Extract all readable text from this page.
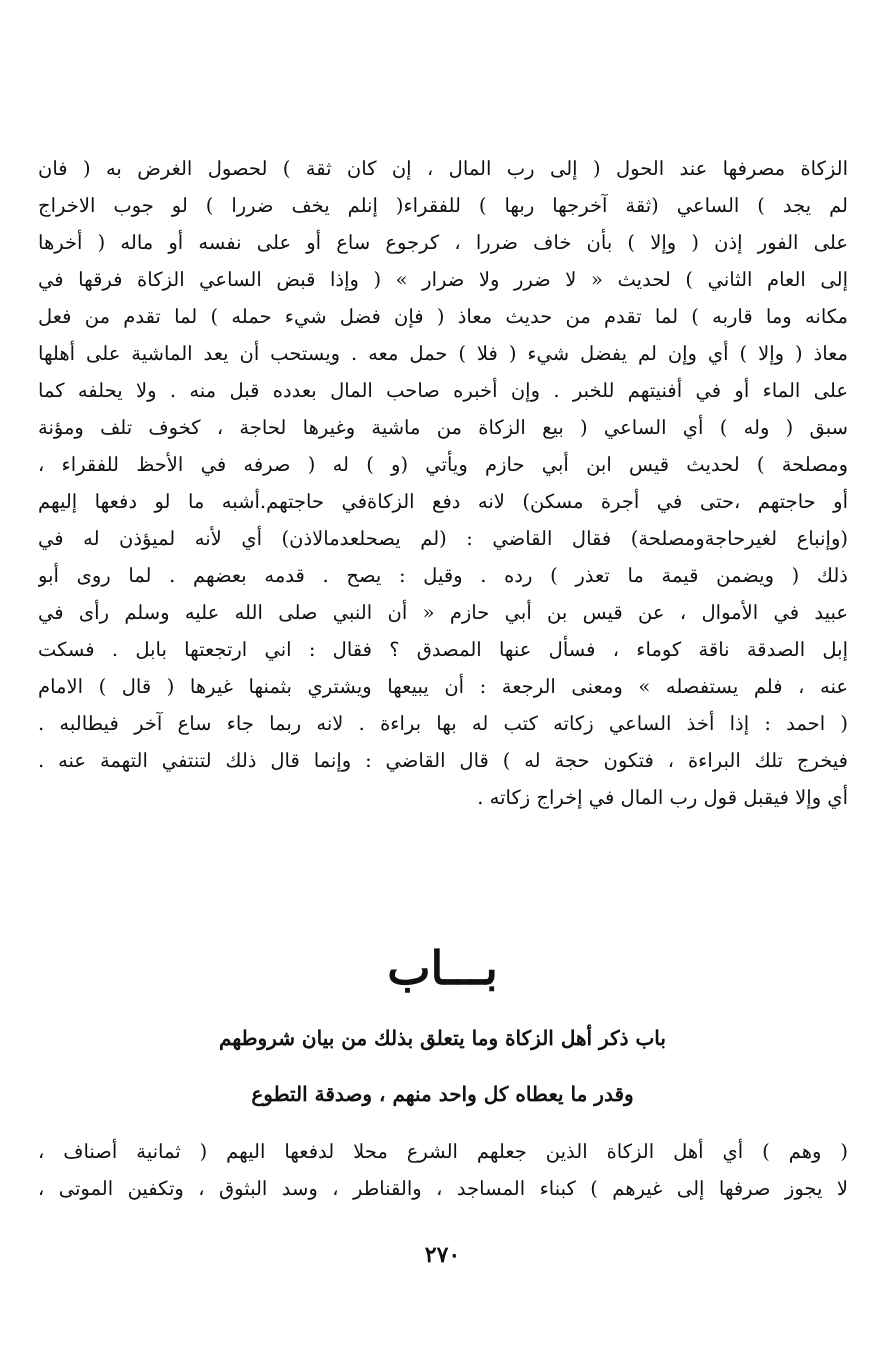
الزكاة مصرفها عند الحول ( إلى رب المال ، إن كان ثقة ) لحصول الغرض به ( فان
لم يجد ) الساعي (ثقة آخرجها ربها ) للفقراء( إنلم يخف ضررا ) لو جوب الاخراج
على الفور إذن ( وإلا ) بأن خاف ضررا ، كرجوع ساع أو على نفسه أو ماله ( أخرها
إلى العام الثاني ) لحديث « لا ضرر ولا ضرار » ( وإذا قبض الساعي الزكاة فرقها في
مكانه وما قاربه ) لما تقدم من حديث معاذ ( فإن فضل شيء حمله ) لما تقدم من فعل
معاذ ( وإلا ) أي وإن لم يفضل شيء ( فلا ) حمل معه . ويستحب أن يعد الماشية على أهلها
على الماء أو في أفنيتهم للخبر . وإن أخبره صاحب المال بعدده قبل منه . ولا يحلفه كما
سبق ( وله ) أي الساعي ( بيع الزكاة من ماشية وغيرها لحاجة ، كخوف تلف ومؤنة
ومصلحة ) لحديث قيس ابن أبي حازم ويأتي (و ) له ( صرفه في الأحظ للفقراء ،
أو حاجتهم ،حتى في أجرة مسكن) لانه دفع الزكاةفي حاجتهم.أشبه ما لو دفعها إليهم
(وإنباع لغيرحاجةومصلحة) فقال القاضي : (لم يصحلعدمالاذن) أي لأنه لميؤذن له في
ذلك ( ويضمن قيمة ما تعذر ) رده . وقيل : يصح . قدمه بعضهم . لما روى أبو
عبيد في الأموال ، عن قيس بن أبي حازم « أن النبي صلى الله عليه وسلم رأى في
إبل الصدقة ناقة كوماء ، فسأل عنها المصدق ؟ فقال : اني ارتجعتها بابل . فسكت
عنه ، فلم يستفصله » ومعنى الرجعة : أن يبيعها ويشتري بثمنها غيرها ( قال ) الامام
( احمد : إذا أخذ الساعي زكاته كتب له بها براءة . لانه ربما جاء ساع آخر فيطالبه .
فيخرج تلك البراءة ، فتكون حجة له ) قال القاضي : وإنما قال ذلك لتنتفي التهمة عنه .
أي وإلا فيقبل قول رب المال في إخراج زكاته .
بـــاب
باب ذكر أهل الزكاة وما يتعلق بذلك من بيان شروطهم
وقدر ما يعطاه كل واحد منهم ، وصدقة التطوع
( وهم ) أي أهل الزكاة الذين جعلهم الشرع محلا لدفعها اليهم ( ثمانية أصناف ،
لا يجوز صرفها إلى غيرهم ) كبناء المساجد ، والقناطر ، وسد البثوق ، وتكفين الموتى ،
٢٧٠
